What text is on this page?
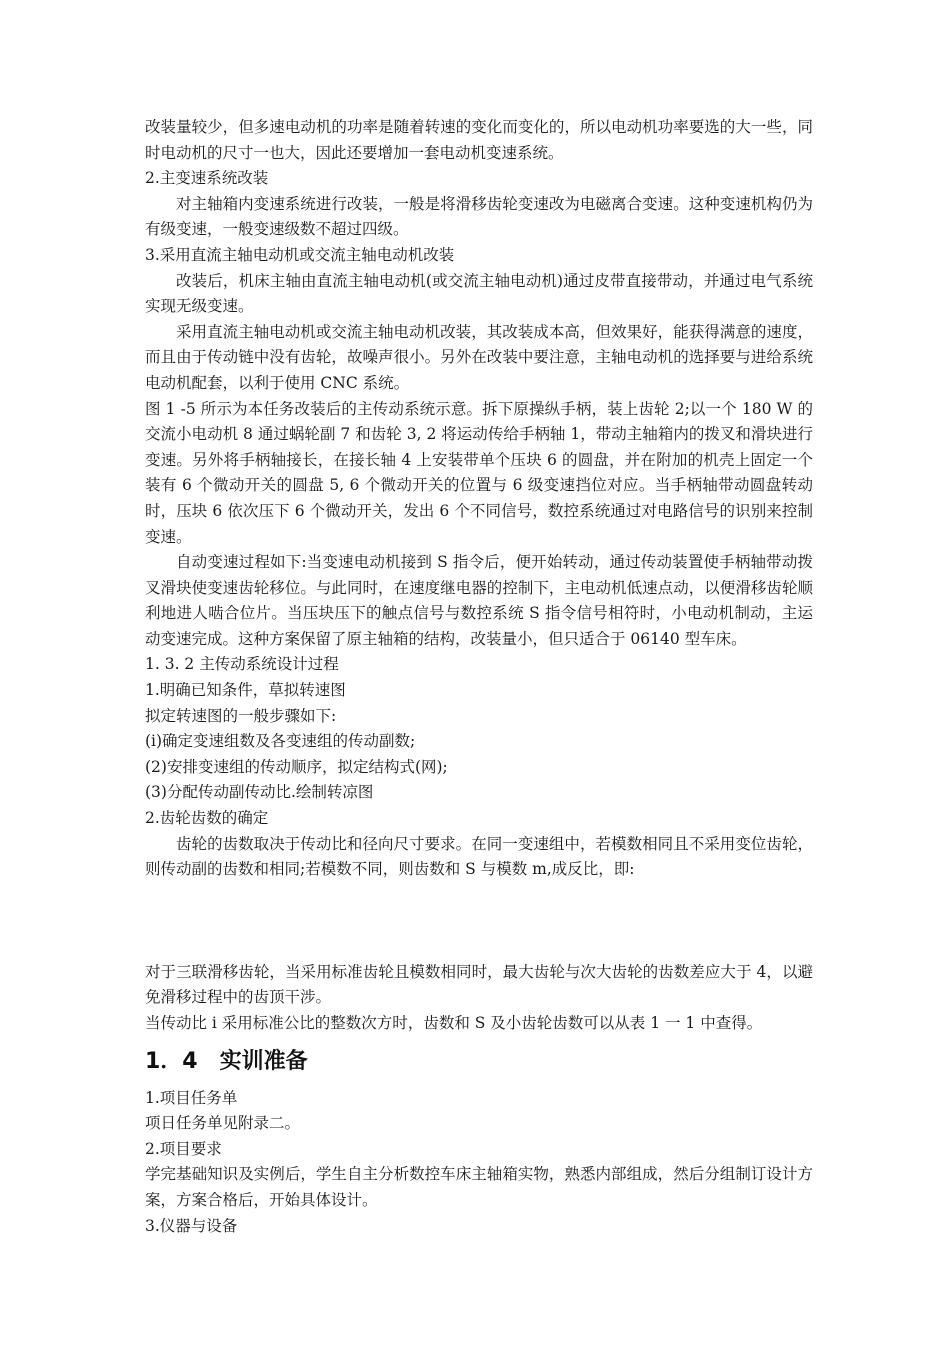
改装量较少，但多速电动机的功率是随着转速的变化而变化的，所以电动机功率要选的大一些，同时电动机的尺寸一也大，因此还要增加一套电动机变速系统。

2.主变速系统改装

对主轴箱内变速系统进行改装，一般是将滑移齿轮变速改为电磁离合变速。这种变速机构仍为有级变速，一般变速级数不超过四级。

3.采用直流主轴电动机或交流主轴电动机改装

改装后，机床主轴由直流主轴电动机(或交流主轴电动机)通过皮带直接带动，并通过电气系统实现无级变速。

采用直流主轴电动机或交流主轴电动机改装，其改装成本高，但效果好，能获得满意的速度，而且由于传动链中没有齿轮，故噪声很小。另外在改装中要注意，主轴电动机的选择要与进给系统电动机配套，以利于使用 CNC 系统。

图 1 -5 所示为本任务改装后的主传动系统示意。拆下原操纵手柄，装上齿轮 2;以一个 180 W 的交流小电动机 8 通过蜗轮副 7 和齿轮 3, 2 将运动传给手柄轴 1，带动主轴箱内的拨叉和滑块进行变速。另外将手柄轴接长，在接长轴 4 上安装带单个压块 6 的圆盘，并在附加的机壳上固定一个装有 6 个微动开关的圆盘 5, 6 个微动开关的位置与 6 级变速挡位对应。当手柄轴带动圆盘转动时，压块 6 依次压下 6 个微动开关，发出 6 个不同信号，数控系统通过对电路信号的识别来控制变速。

自动变速过程如下:当变速电动机接到 S 指令后，便开始转动，通过传动装置使手柄轴带动拨叉滑块使变速齿轮移位。与此同时，在速度继电器的控制下，主电动机低速点动，以便滑移齿轮顺利地进人啮合位片。当压块压下的触点信号与数控系统 S 指令信号相符时，小电动机制动，主运动变速完成。这种方案保留了原主轴箱的结构，改装量小，但只适合于 06140 型车床。

1. 3. 2 主传动系统设计过程

1.明确已知条件，草拟转速图

拟定转速图的一般步骤如下:

(i)确定变速组数及各变速组的传动副数;

(2)安排变速组的传动顺序，拟定结构式(网);

(3)分配传动副传动比.绘制转凉图

2.齿轮齿数的确定

齿轮的齿数取决于传动比和径向尺寸要求。在同一变速组中，若模数相同且不采用变位齿轮，则传动副的齿数和相同;若模数不同，则齿数和 S 与模数 m,成反比，即:

对于三联滑移齿轮，当采用标准齿轮且模数相同时，最大齿轮与次大齿轮的齿数差应大于 4，以避免滑移过程中的齿顶干涉。

当传动比 i 采用标准公比的整数次方时，齿数和 S 及小齿轮齿数可以从表 1 一 1 中查得。

1．4　实训准备

1.项目任务单

项日任务单见附录二。

2.项目要求

学完基础知识及实例后，学生自主分析数控车床主轴箱实物，熟悉内部组成，然后分组制订设计方案，方案合格后，开始具体设计。

3.仪器与设备
